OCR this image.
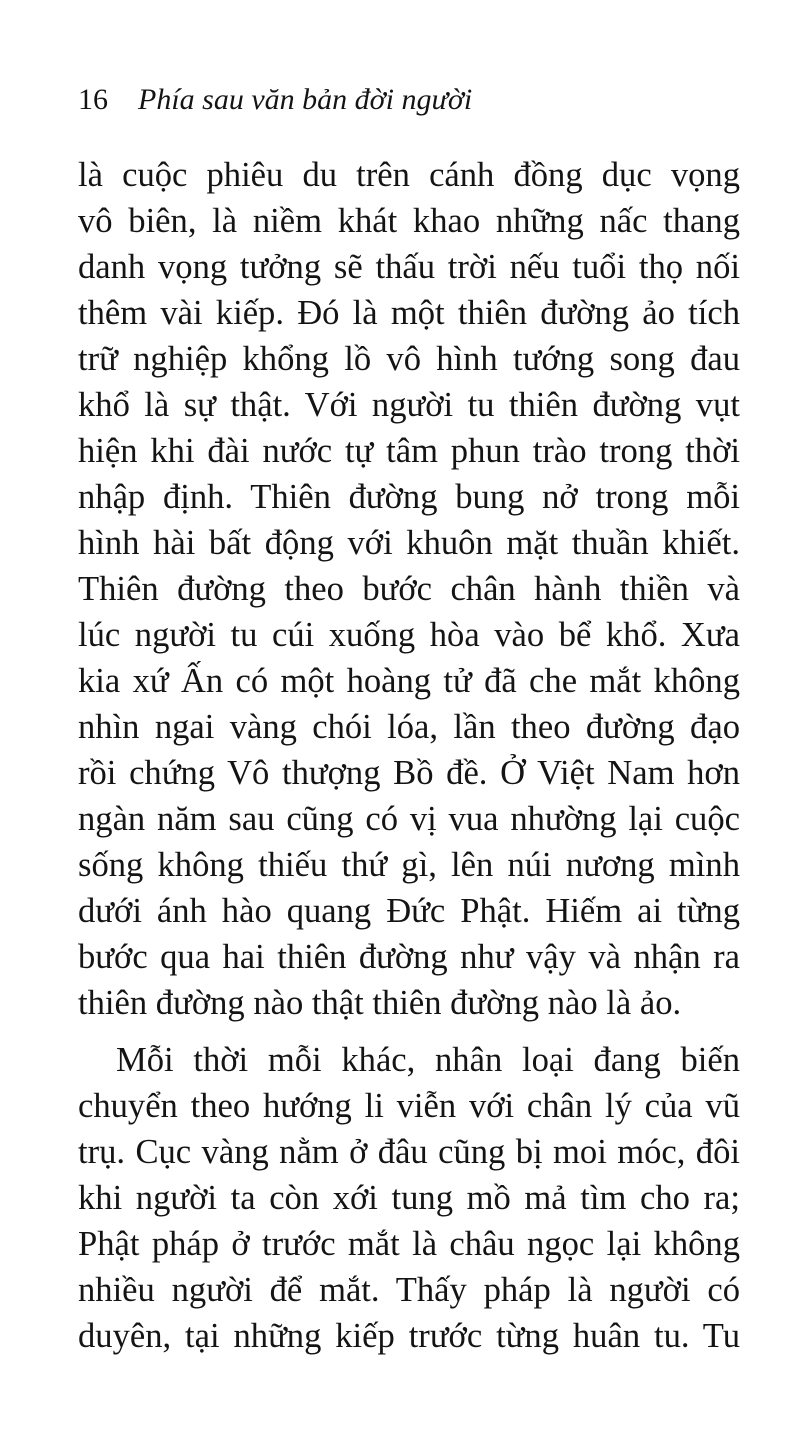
16 Phía sau văn bản đời người
là cuộc phiêu du trên cánh đồng dục vọng
vô biên, là niềm khát khao những nấc thang
danh vọng tưởng sẽ thấu trời nếu tuổi thọ nối
thêm vài kiếp. Đó là một thiên đường ảo tích
trữ nghiệp khổng lồ vô hình tướng song đau
khổ là sự thật. Với người tu thiên đường vụt
hiện khi đài nước tự tâm phun trào trong thời
nhập định. Thiên đường bung nở trong mỗi
hình hài bất động với khuôn mặt thuần khiết.
Thiên đường theo bước chân hành thiền và
lúc người tu cúi xuống hòa vào bể khổ. Xưa
kia xứ Ấn có một hoàng tử đã che mắt không
nhìn ngai vàng chói lóa, lần theo đường đạo
rồi chứng Vô thượng Bồ đề. Ở Việt Nam hơn
ngàn năm sau cũng có vị vua nhường lại cuộc
sống không thiếu thứ gì, lên núi nương mình
dưới ánh hào quang Đức Phật. Hiếm ai từng
bước qua hai thiên đường như vậy và nhận ra
thiên đường nào thật thiên đường nào là ảo.
Mỗi thời mỗi khác, nhân loại đang biến
chuyển theo hướng li viễn với chân lý của vũ
trụ. Cục vàng nằm ở đâu cũng bị moi móc, đôi
khi người ta còn xới tung mồ mả tìm cho ra;
Phật pháp ở trước mắt là châu ngọc lại không
nhiều người để mắt. Thấy pháp là người có
duyên, tại những kiếp trước từng huân tu. Tu
